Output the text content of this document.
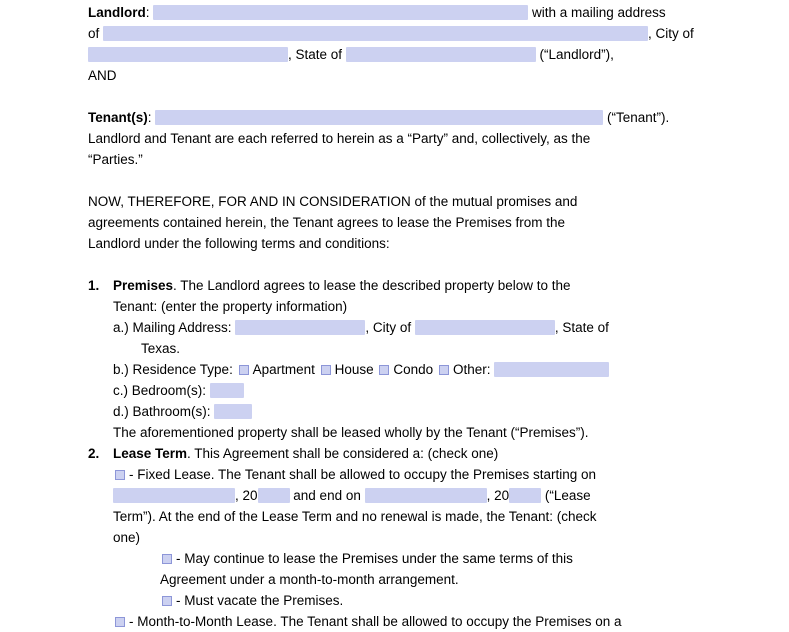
Landlord:	with a mailing address
of	, City of
, State of	(“Landlord”),
AND
Tenant(s):	(“Tenant”).
Landlord and Tenant are each referred to herein as a “Party” and, collectively, as the
“Parties.”
NOW, THEREFORE, FOR AND IN CONSIDERATION of the mutual promises and
agreements contained herein, the Tenant agrees to lease the Premises from the
Landlord under the following terms and conditions:
1. Premises. The Landlord agrees to lease the described property below to the
Tenant: (enter the property information)
a.) Mailing Address:	, City of	, State of
Texas.
b.) Residence Type: Apartment House Condo Other:
c.) Bedroom(s):
d.) Bathroom(s):
The aforementioned property shall be leased wholly by the Tenant (“Premises”).
2. Lease Term. This Agreement shall be considered a: (check one)
- Fixed Lease. The Tenant shall be allowed to occupy the Premises starting on
, 20 and end on	, 20 (“Lease
Term”). At the end of the Lease Term and no renewal is made, the Tenant: (check
one)
- May continue to lease the Premises under the same terms of this
Agreement under a month-to-month arrangement.
- Must vacate the Premises.
- Month-to-Month Lease. The Tenant shall be allowed to occupy the Premises on a
